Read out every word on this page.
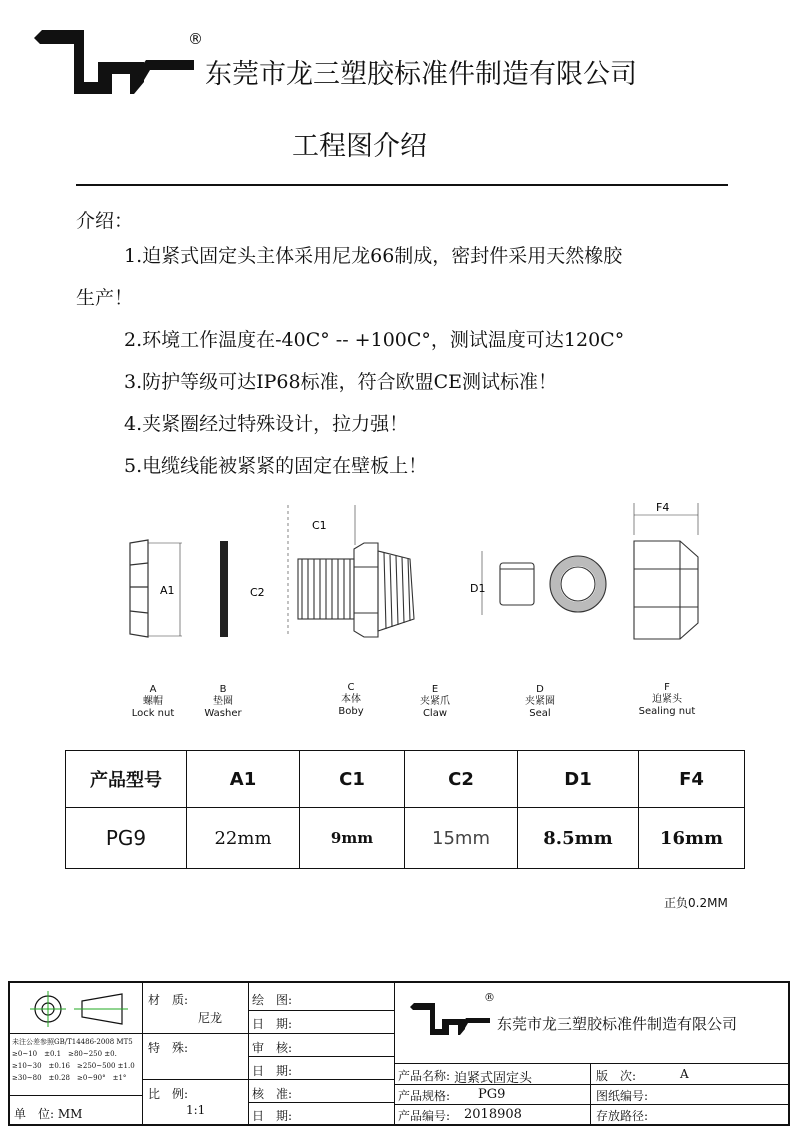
®
东莞市龙三塑胶标准件制造有限公司
工程图介绍
介绍：
1.迫紧式固定头主体采用尼龙66制成，密封件采用天然橡胶
生产！
2.环境工作温度在-40C° -- +100C°，测试温度可达120C°
3.防护等级可达IP68标准，符合欧盟CE测试标准！
4.夹紧圈经过特殊设计，拉力强！
5.电缆线能被紧紧的固定在壁板上！
A1
C1
C2	D1
F4
A
螺帽
Lock nut
B
垫圈
Washer
C
本体
Boby
E
夹紧爪
Claw
D
夹紧圈
Seal
F
迫紧头
Sealing nut
产品型号	A1	C1	C2	D1	F4
PG9	22mm	9mm	15mm	8.5mm	16mm
正负0.2MM
未注公差参照GB/T14486-2008 MT5
≥0~10　±0.1　≥80~250 ±0.
≥10~30　±0.16　≥250~500 ±1.0
≥30~80　±0.28　≥0~90°　±1°
单　位: MM
材　质:
尼龙
特　殊:
比　例:
1:1
绘　图:
日　期:
审　核:
日　期:
核　准:
日　期:
®
东莞市龙三塑胶标准件制造有限公司
产品名称: 迫紧式固定头
产品规格: PG9
产品编号: 2018908
版　次:	A
图纸编号:
存放路径:
